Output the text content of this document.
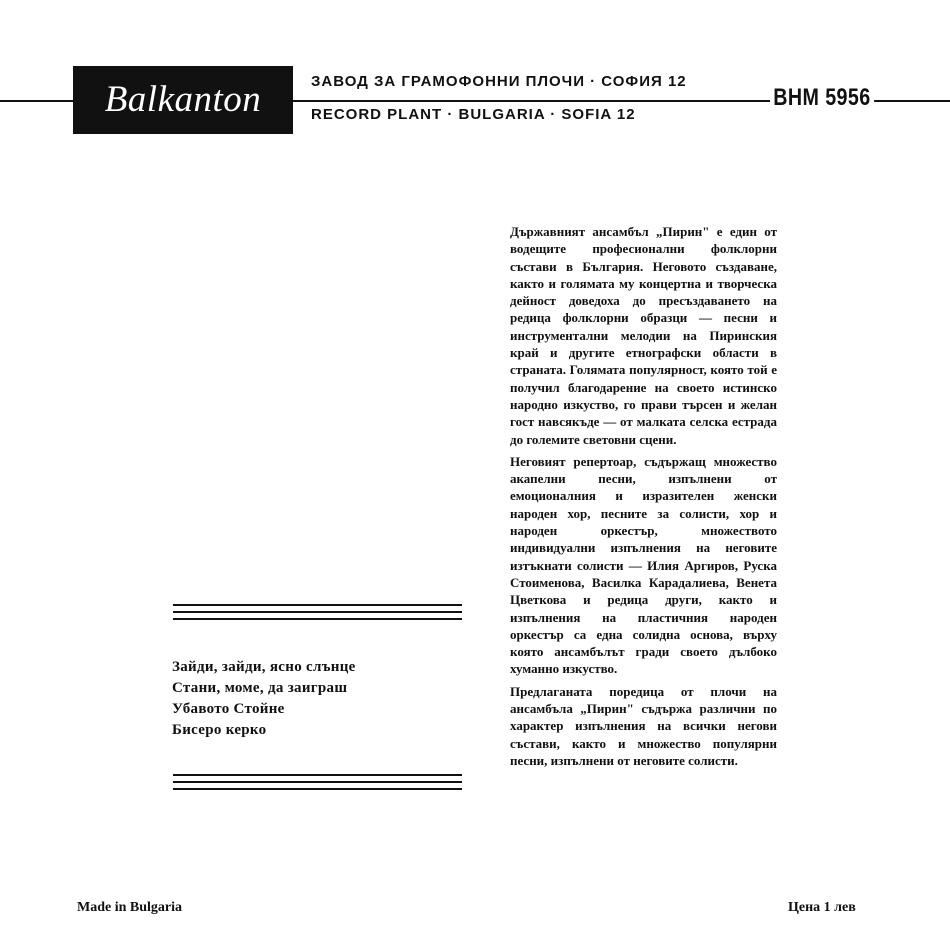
Balkanton	ЗАВОД ЗА ГРАМОФОННИ ПЛОЧИ · СОФИЯ 12
RECORD PLANT · BULGARIA · SOFIA 12
ВНМ 5956
Зайди, зайди, ясно слънце
Стани, моме, да заиграш
Убавото Стойне
Бисеро керко

Държавният ансамбъл „Пирин" е един от водещите професионални фолклорни състави в България. Неговото създаване, както и голямата му концертна и творческа дейност доведоха до пресъздаването на редица фолклорни образци — песни и инструментални мелодии на Пиринския край и другите етнографски области в страната. Голямата популярност, която той е получил благодарение на своето истинско народно изкуство, го прави търсен и желан гост навсякъде — от малката селска естрада до големите световни сцени.

Неговият репертоар, съдържащ множество акапелни песни, изпълнени от емоционалния и изразителен женски народен хор, песните за солисти, хор и народен оркестър, множеството индивидуални изпълнения на неговите изтъкнати солисти — Илия Аргиров, Руска Стоименова, Василка Карадалиева, Венета Цветкова и редица други, както и изпълнения на пластичния народен оркестър са една солидна основа, върху която ансамбълът гради своето дълбоко хуманно изкуство.

Предлаганата поредица от плочи на ансамбъла „Пирин" съдържа различни по характер изпълнения на всички негови състави, както и множество популярни песни, изпълнени от неговите солисти.

Made in Bulgaria	Цена 1 лев
